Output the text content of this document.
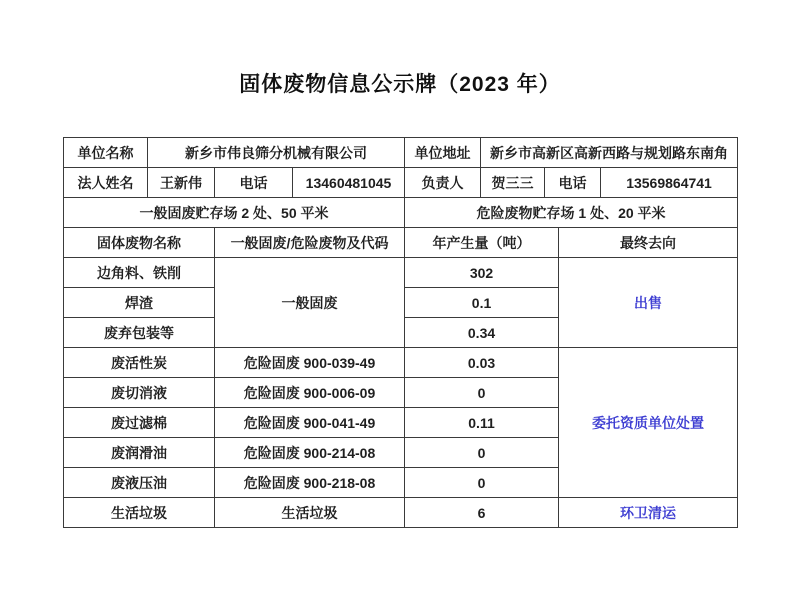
固体废物信息公示牌（2023 年）
单位名称	新乡市伟良筛分机械有限公司			单位地址	新乡市高新区高新西路与规划路东南角			
法人姓名	王新伟	电话	13460481045	负责人	贺三三	电话		13569864741
一般固废贮存场 2 处、50 平米				危险废物贮存场 1 处、20 平米				
固体废物名称		一般固废/危险废物及代码		年产生量（吨）			最终去向	
边角料、铁削		一般固废		302			出售	
焊渣				0.1				
废弃包装等				0.34				
废活性炭		危险固废 900-039-49		0.03			委托资质单位处置	
废切消液		危险固废 900-006-09		0				
废过滤棉		危险固废 900-041-49		0.11				
废润滑油		危险固废 900-214-08		0				
废液压油		危险固废 900-218-08		0				
生活垃圾		生活垃圾		6			环卫清运	
